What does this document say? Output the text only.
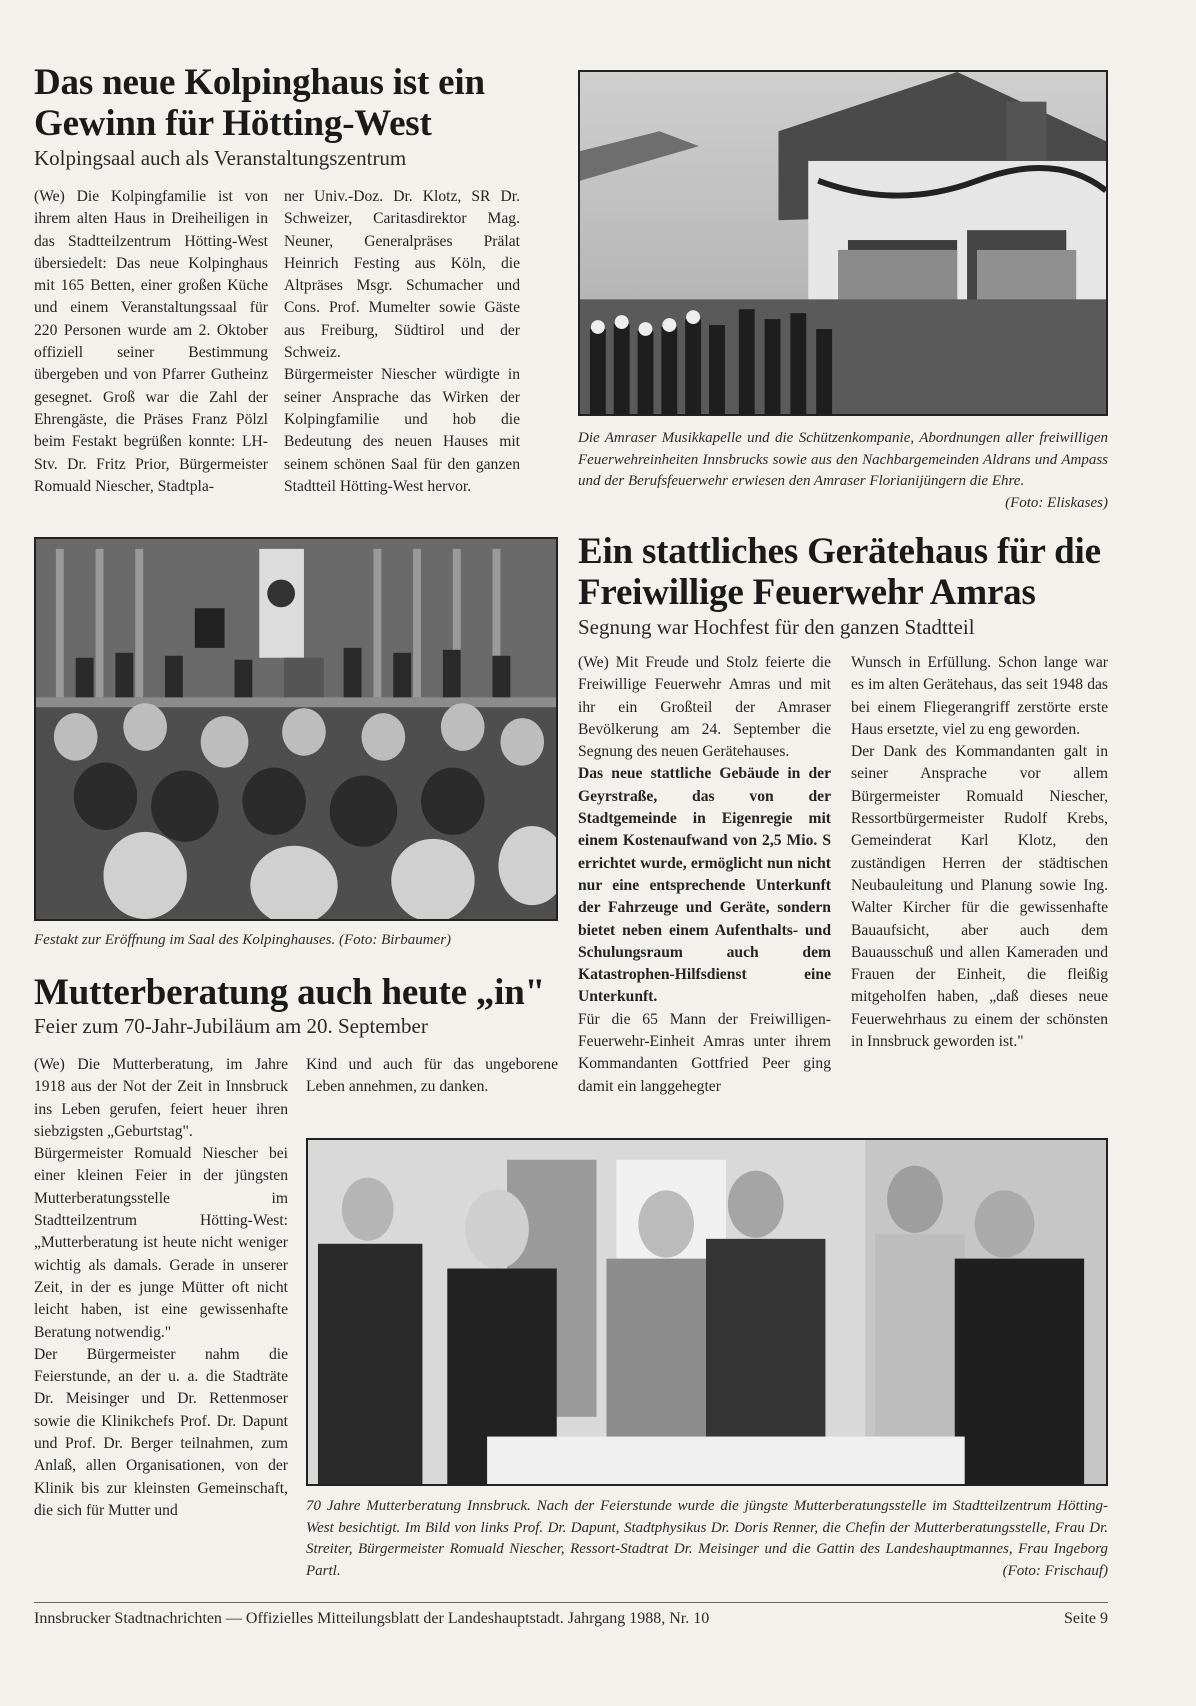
Das neue Kolpinghaus ist ein Gewinn für Hötting-West
Kolpingsaal auch als Veranstaltungszentrum

(We) Die Kolpingfamilie ist von ihrem alten Haus in Dreiheiligen in das Stadtteilzentrum Hötting-West übersiedelt: Das neue Kolpinghaus mit 165 Betten, einer großen Küche und einem Veranstaltungssaal für 220 Personen wurde am 2. Oktober offiziell seiner Bestimmung übergeben und von Pfarrer Gutheinz gesegnet. Groß war die Zahl der Ehrengäste, die Präses Franz Pölzl beim Festakt begrüßen konnte: LH-Stv. Dr. Fritz Prior, Bürgermeister Romuald Niescher, Stadtpla-

ner Univ.-Doz. Dr. Klotz, SR Dr. Schweizer, Caritasdirektor Mag. Neuner, Generalpräses Prälat Heinrich Festing aus Köln, die Altpräses Msgr. Schumacher und Cons. Prof. Mumelter sowie Gäste aus Freiburg, Südtirol und der Schweiz.

Bürgermeister Niescher würdigte in seiner Ansprache das Wirken der Kolpingfamilie und hob die Bedeutung des neuen Hauses mit seinem schönen Saal für den ganzen Stadtteil Hötting-West hervor.

Die Amraser Musikkapelle und die Schützenkompanie, Abordnungen aller freiwilligen Feuerwehreinheiten Innsbrucks sowie aus den Nachbargemeinden Aldrans und Ampass und der Berufsfeuerwehr erwiesen den Amraser Florianijüngern die Ehre.
(Foto: Eliskases)
Festakt zur Eröffnung im Saal des Kolpinghauses. (Foto: Birbaumer)
Ein stattliches Gerätehaus für die Freiwillige Feuerwehr Amras
Segnung war Hochfest für den ganzen Stadtteil

(We) Mit Freude und Stolz feierte die Freiwillige Feuerwehr Amras und mit ihr ein Großteil der Amraser Bevölkerung am 24. September die Segnung des neuen Gerätehauses.

Das neue stattliche Gebäude in der Geyrstraße, das von der Stadtgemeinde in Eigenregie mit einem Kostenaufwand von 2,5 Mio. S errichtet wurde, ermöglicht nun nicht nur eine entsprechende Unterkunft der Fahrzeuge und Geräte, sondern bietet neben einem Aufenthalts- und Schulungsraum auch dem Katastrophen-Hilfsdienst eine Unterkunft.

Für die 65 Mann der Freiwilligen-Feuerwehr-Einheit Amras unter ihrem Kommandanten Gottfried Peer ging damit ein langgehegter

Wunsch in Erfüllung. Schon lange war es im alten Gerätehaus, das seit 1948 das bei einem Fliegerangriff zerstörte erste Haus ersetzte, viel zu eng geworden.

Der Dank des Kommandanten galt in seiner Ansprache vor allem Bürgermeister Romuald Niescher, Ressortbürgermeister Rudolf Krebs, Gemeinderat Karl Klotz, den zuständigen Herren der städtischen Neubauleitung und Planung sowie Ing. Walter Kircher für die gewissenhafte Bauaufsicht, aber auch dem Bauausschuß und allen Kameraden und Frauen der Einheit, die fleißig mitgeholfen haben, „daß dieses neue Feuerwehrhaus zu einem der schönsten in Innsbruck geworden ist."

Mutterberatung auch heute „in"
Feier zum 70-Jahr-Jubiläum am 20. September

(We) Die Mutterberatung, im Jahre 1918 aus der Not der Zeit in Innsbruck ins Leben gerufen, feiert heuer ihren siebzigsten „Geburtstag".

Bürgermeister Romuald Niescher bei einer kleinen Feier in der jüngsten Mutterberatungsstelle im Stadtteilzentrum Hötting-West: „Mutterberatung ist heute nicht weniger wichtig als damals. Gerade in unserer Zeit, in der es junge Mütter oft nicht leicht haben, ist eine gewissenhafte Beratung notwendig."

Der Bürgermeister nahm die Feierstunde, an der u. a. die Stadträte Dr. Meisinger und Dr. Rettenmoser sowie die Klinikchefs Prof. Dr. Dapunt und Prof. Dr. Berger teilnahmen, zum Anlaß, allen Organisationen, von der Klinik bis zur kleinsten Gemeinschaft, die sich für Mutter und

Kind und auch für das ungeborene Leben annehmen, zu danken.

70 Jahre Mutterberatung Innsbruck. Nach der Feierstunde wurde die jüngste Mutterberatungsstelle im Stadtteilzentrum Hötting-West besichtigt. Im Bild von links Prof. Dr. Dapunt, Stadtphysikus Dr. Doris Renner, die Chefin der Mutterberatungsstelle, Frau Dr. Streiter, Bürgermeister Romuald Niescher, Ressort-Stadtrat Dr. Meisinger und die Gattin des Landeshauptmannes, Frau Ingeborg Partl.	(Foto: Frischauf)
Innsbrucker Stadtnachrichten — Offizielles Mitteilungsblatt der Landeshauptstadt. Jahrgang 1988, Nr. 10	Seite 9
